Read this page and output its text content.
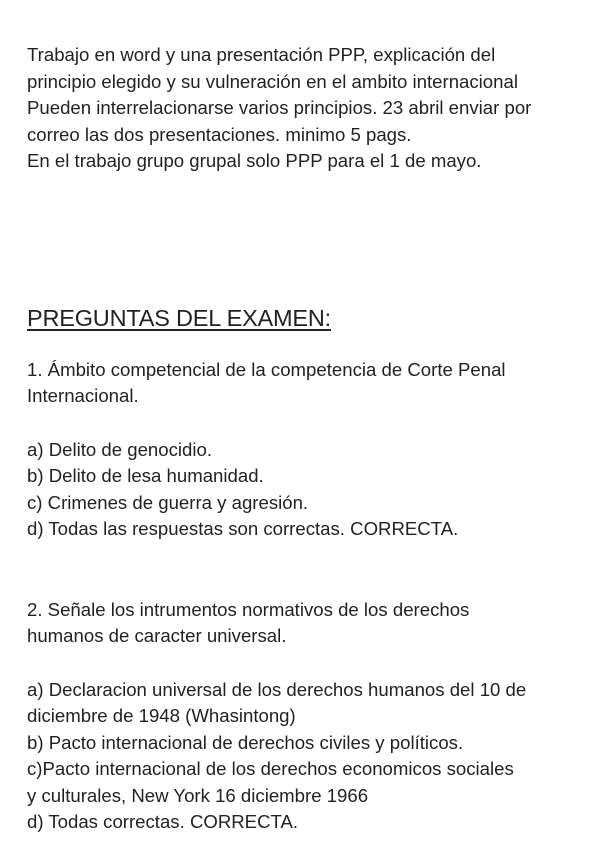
Trabajo en word y una presentación PPP, explicación del

principio elegido y su vulneración en el ambito internacional

Pueden interrelacionarse varios principios. 23 abril enviar por

correo las dos presentaciones. minimo 5 pags.

En el trabajo grupo grupal solo PPP para el 1 de mayo.

PREGUNTAS DEL EXAMEN:

1. Ámbito competencial de la competencia de Corte Penal

Internacional.

a) Delito de genocidio.

b) Delito de lesa humanidad.

c) Crimenes de guerra y agresión.

d) Todas las respuestas son correctas. CORRECTA.

2. Señale los intrumentos normativos de los derechos

humanos de caracter universal.

a) Declaracion universal de los derechos humanos del 10 de

diciembre de 1948 (Whasintong)

b) Pacto internacional de derechos civiles y políticos.

c)Pacto internacional de los derechos economicos sociales

y culturales, New York 16 diciembre 1966

d) Todas correctas. CORRECTA.
